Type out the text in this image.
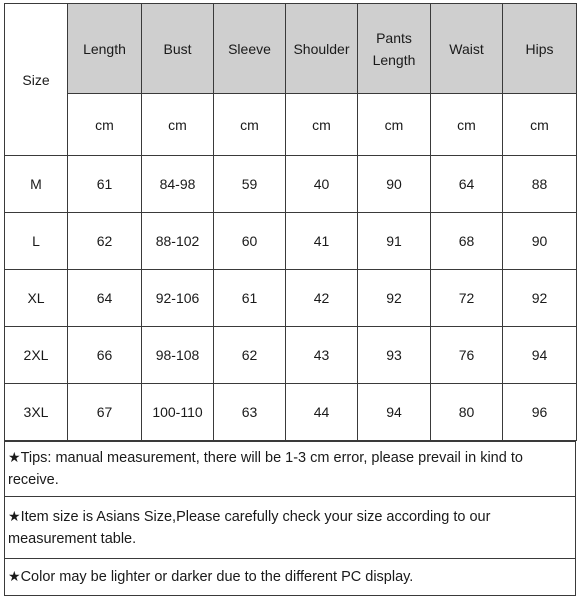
Size	Length	Bust	Sleeve	Shoulder	Pants Length	Waist	Hips
	cm	cm	cm	cm	cm	cm	cm
M	61	84-98	59	40	90	64	88
L	62	88-102	60	41	91	68	90
XL	64	92-106	61	42	92	72	92
2XL	66	98-108	62	43	93	76	94
3XL	67	100-110	63	44	94	80	96
★Tips: manual measurement, there will be 1-3 cm error, please prevail in kind to receive.
★Item size is Asians Size,Please carefully check your size according to our measurement table.
★Color may be lighter or darker due to the different PC display.
